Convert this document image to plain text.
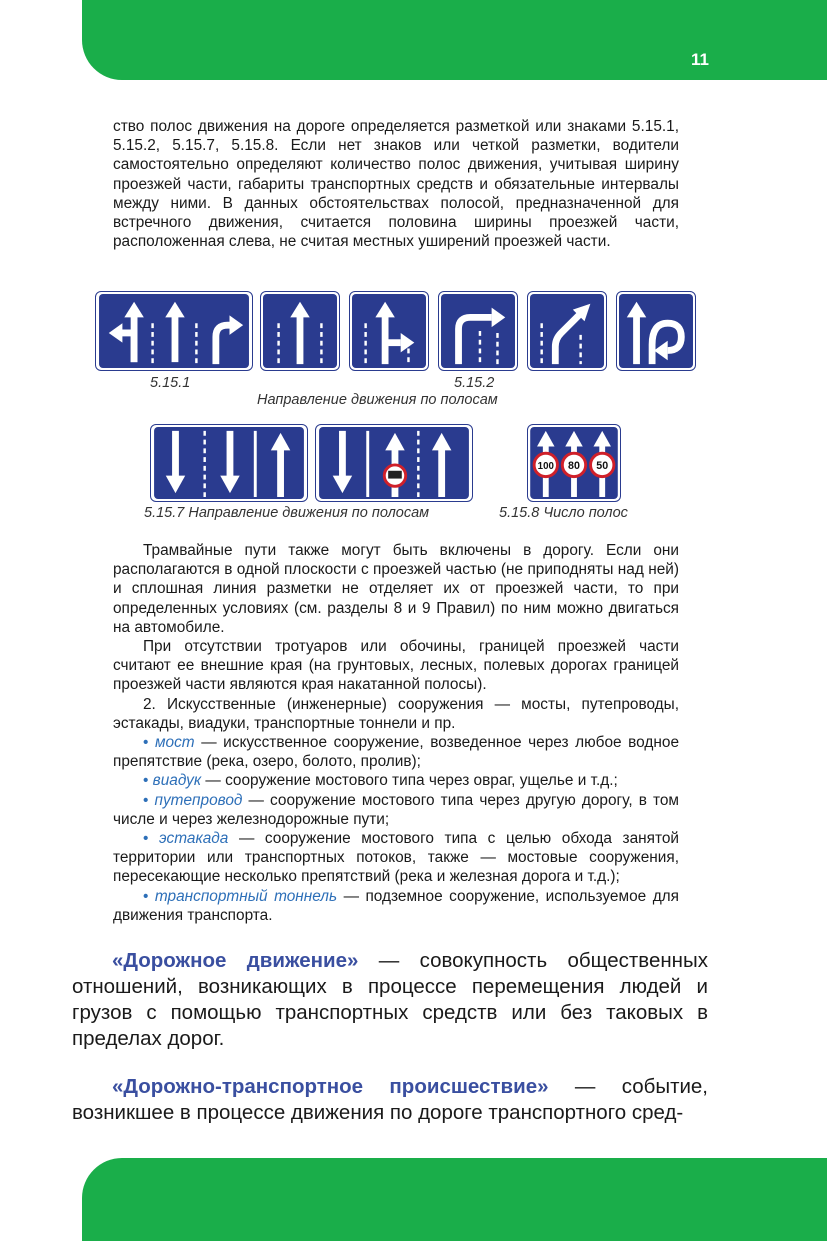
11

ство полос движения на дороге определяется разметкой или знаками 5.15.1, 5.15.2, 5.15.7, 5.15.8. Если нет знаков или четкой разметки, водители самостоятельно определяют количество полос движения, учитывая ширину проезжей части, габариты транспортных средств и обязательные интервалы между ними. В данных обстоятельствах полосой, предназначенной для встречного движения, считается половина ширины проезжей части, расположенная слева, не считая местных уширений проезжей части.

5.15.1	5.15.2
Направление движения по полосам
100 80 50
5.15.7 Направление движения по полосам	5.15.8 Число полос

Трамвайные пути также могут быть включены в дорогу. Если они располагаются в одной плоскости с проезжей частью (не приподняты над ней) и сплошная линия разметки не отделяет их от проезжей части, то при определенных условиях (см. разделы 8 и 9 Правил) по ним можно двигаться на автомобиле.

При отсутствии тротуаров или обочины, границей проезжей части считают ее внешние края (на грунтовых, лесных, полевых дорогах границей проезжей части являются края накатанной полосы).

2. Искусственные (инженерные) сооружения — мосты, путепроводы, эстакады, виадуки, транспортные тоннели и пр.

• мост — искусственное сооружение, возведенное через любое водное препятствие (река, озеро, болото, пролив);

• виадук — сооружение мостового типа через овраг, ущелье и т.д.;

• путепровод — сооружение мостового типа через другую дорогу, в том числе и через железнодорожные пути;

• эстакада — сооружение мостового типа с целью обхода занятой территории или транспортных потоков, также — мостовые сооружения, пересекающие несколько препятствий (река и железная дорога и т.д.);

• транспортный тоннель — подземное сооружение, используемое для движения транспорта.

«Дорожное движение» — совокупность общественных отношений, возникающих в процессе перемещения людей и грузов с помощью транспортных средств или без таковых в пределах дорог.

«Дорожно-транспортное происшествие» — событие, возникшее в процессе движения по дороге транспортного сред-
